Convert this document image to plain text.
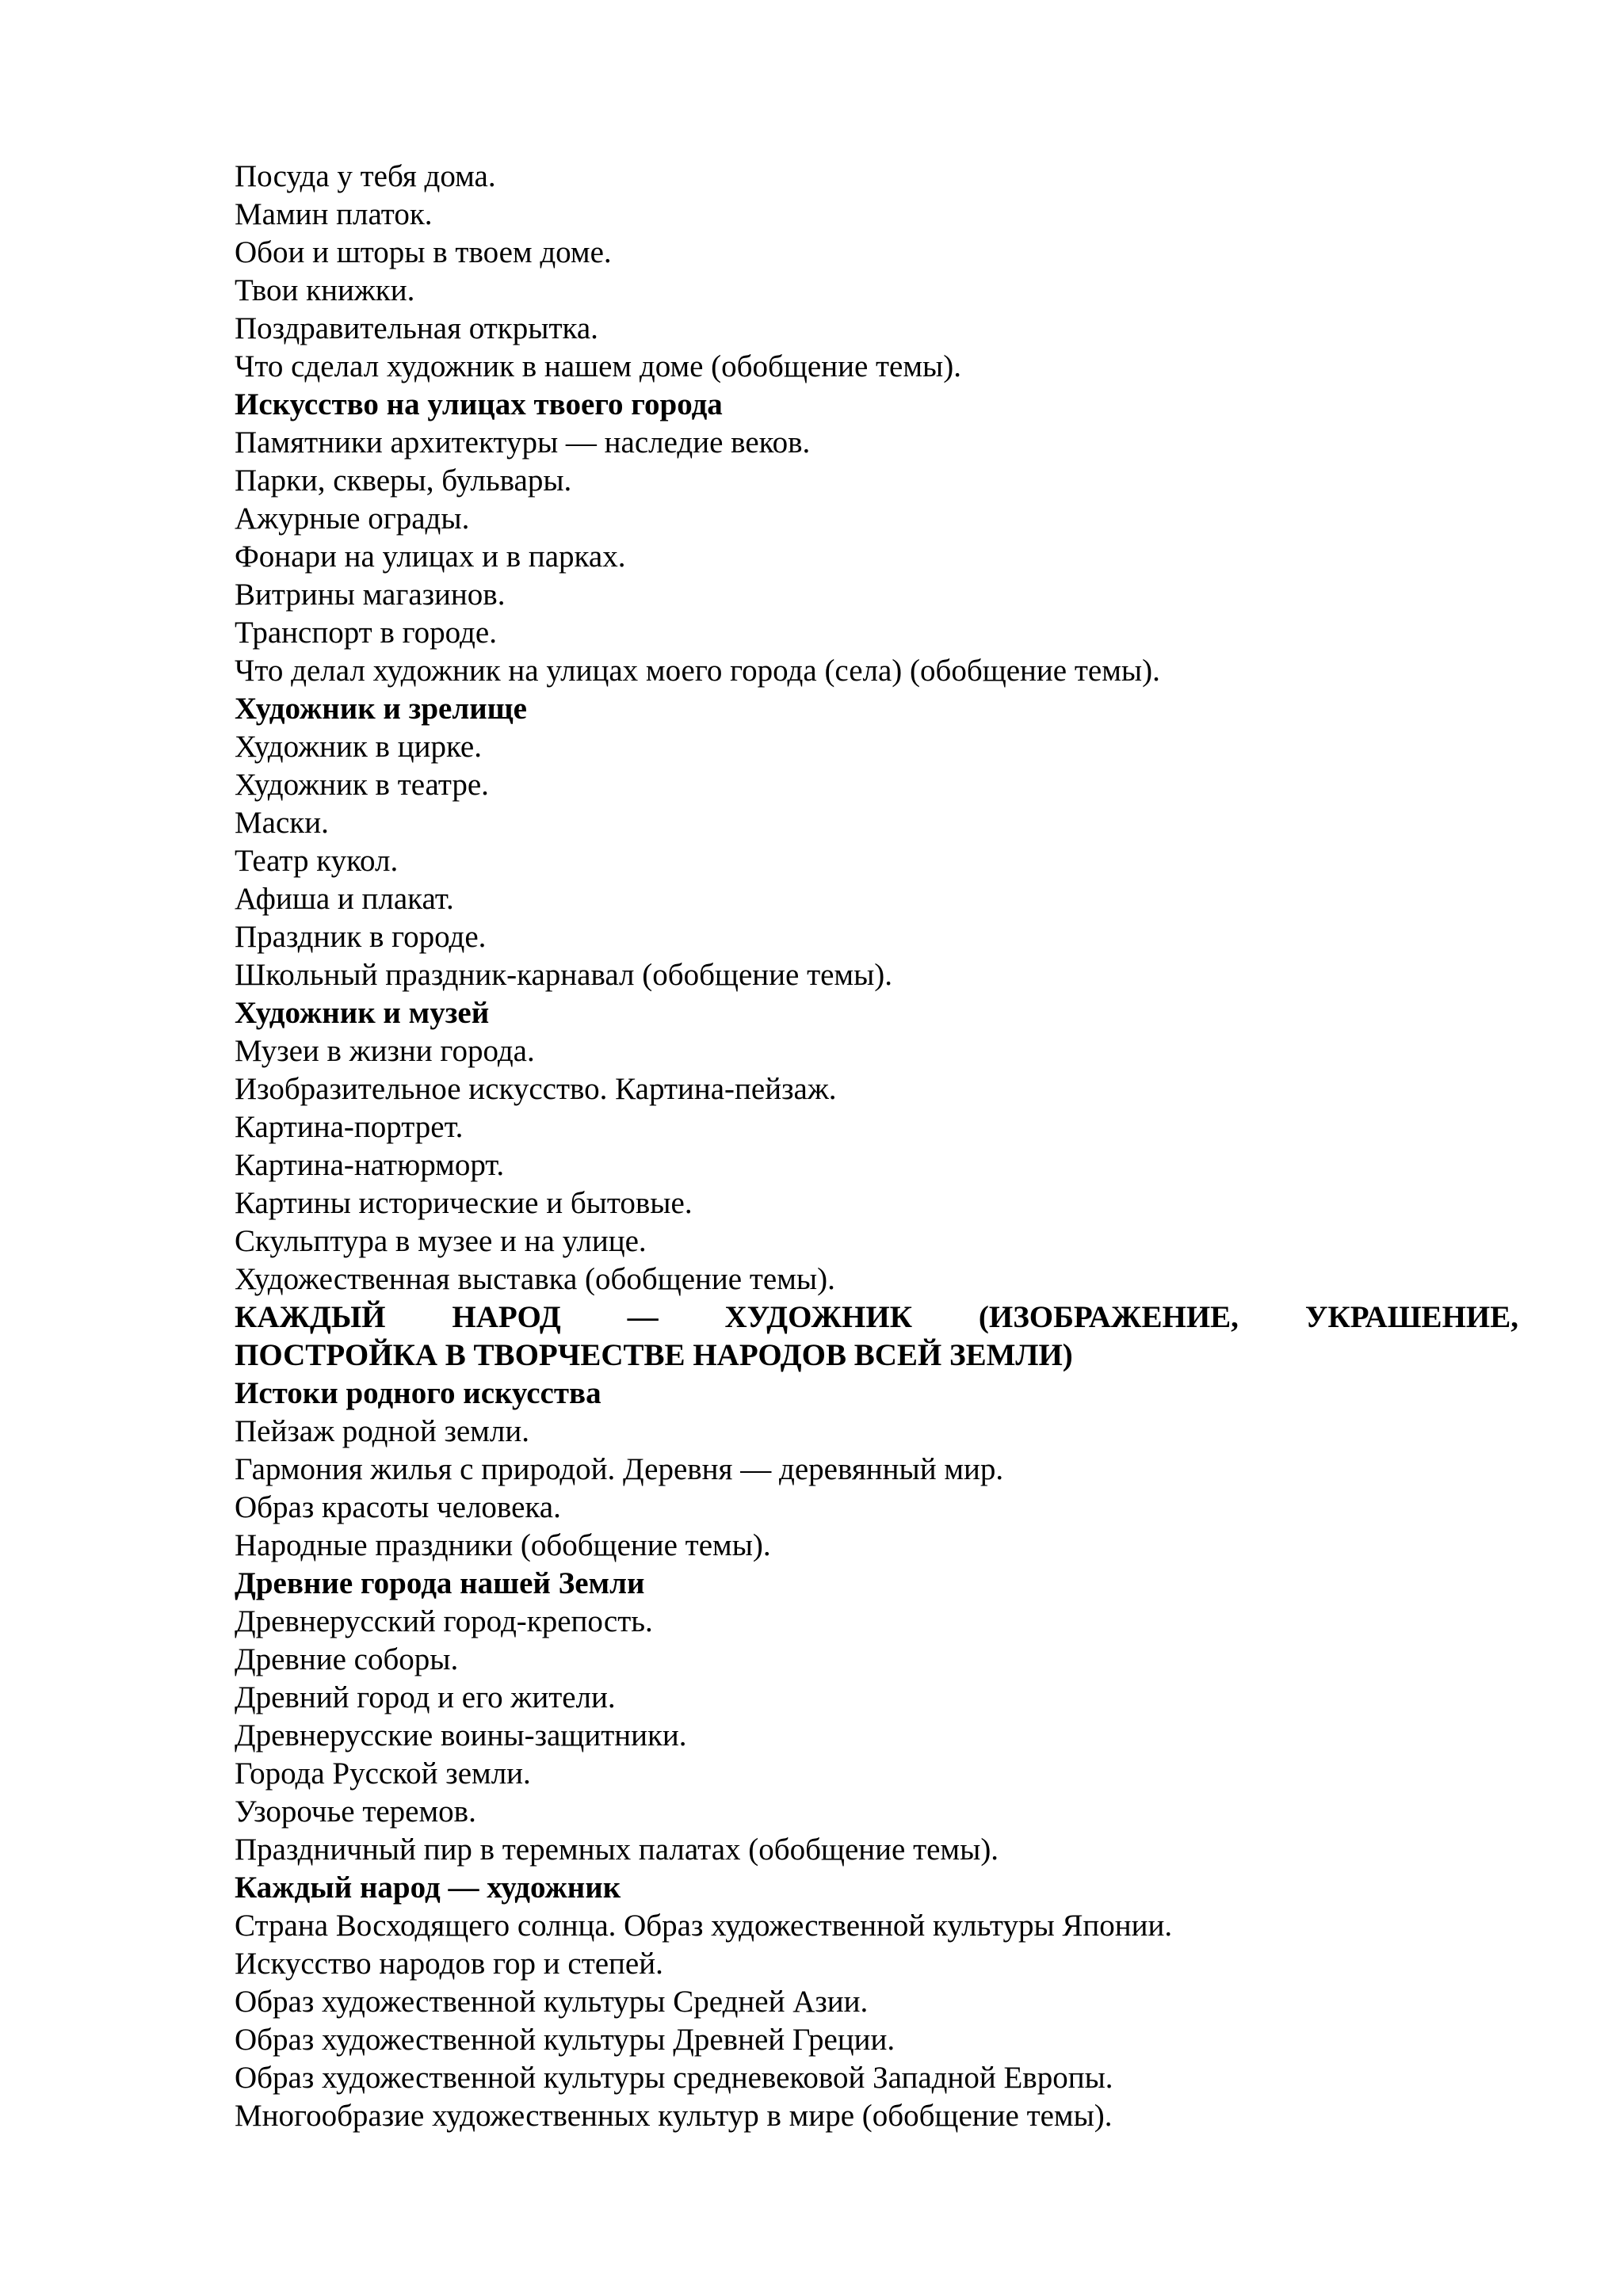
Посуда у тебя дома.
Мамин платок.
Обои и шторы в твоем доме.
Твои книжки.
Поздравительная открытка.
Что сделал художник в нашем доме (обобщение темы).
Искусство на улицах твоего города
Памятники архитектуры — наследие веков.
Парки, скверы, бульвары.
Ажурные ограды.
Фонари на улицах и в парках.
Витрины магазинов.
Транспорт в городе.
Что делал художник на улицах моего города (села) (обобщение темы).
Художник и зрелище
Художник в цирке.
Художник в театре.
Маски.
Театр кукол.
Афиша и плакат.
Праздник в городе.
Школьный праздник-карнавал (обобщение темы).
Художник и музей
Музеи в жизни города.
Изобразительное искусство. Картина-пейзаж.
Картина-портрет.
Картина-натюрморт.
Картины исторические и бытовые.
Скульптура в музее и на улице.
Художественная выставка (обобщение темы).
КАЖДЫЙ НАРОД — ХУДОЖНИК (ИЗОБРАЖЕНИЕ, УКРАШЕНИЕ,
ПОСТРОЙКА В ТВОРЧЕСТВЕ НАРОДОВ ВСЕЙ ЗЕМЛИ)
Истоки родного искусства
Пейзаж родной земли.
Гармония жилья с природой. Деревня — деревянный мир.
Образ красоты человека.
Народные праздники (обобщение темы).
Древние города нашей Земли
Древнерусский город-крепость.
Древние соборы.
Древний город и его жители.
Древнерусские воины-защитники.
Города Русской земли.
Узорочье теремов.
Праздничный пир в теремных палатах (обобщение темы).
Каждый народ — художник
Страна Восходящего солнца. Образ художественной культуры Японии.
Искусство народов гор и степей.
Образ художественной культуры Средней Азии.
Образ художественной культуры Древней Греции.
Образ художественной культуры средневековой Западной Европы.
Многообразие художественных культур в мире (обобщение темы).
